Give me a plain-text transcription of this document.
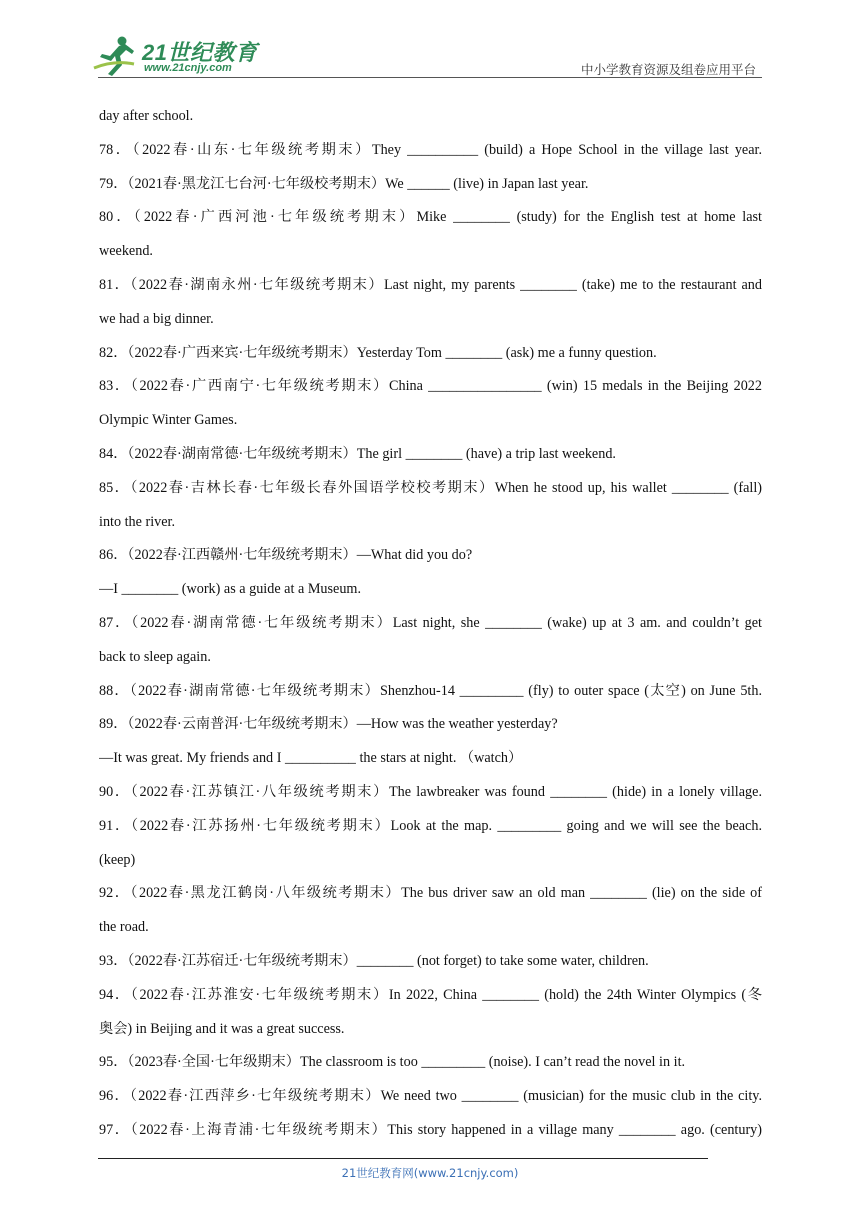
21世纪教育
www.21cnjy.com	中小学教育资源及组卷应用平台
day after school.
78．（2022春·山东·七年级统考期末）They __________ (build) a Hope School in the village last year.
79．（2021春·黑龙江七台河·七年级校考期末）We ______ (live) in Japan last year.
80．（2022春·广西河池·七年级统考期末）Mike ________ (study) for the English test at home last
weekend.
81．（2022春·湖南永州·七年级统考期末）Last night, my parents ________ (take) me to the restaurant and
we had a big dinner.
82．（2022春·广西来宾·七年级统考期末）Yesterday Tom ________ (ask) me a funny question.
83．（2022春·广西南宁·七年级统考期末）China ________________ (win) 15 medals in the Beijing 2022
Olympic Winter Games.
84．（2022春·湖南常德·七年级统考期末）The girl ________ (have) a trip last weekend.
85．（2022春·吉林长春·七年级长春外国语学校校考期末）When he stood up, his wallet ________ (fall)
into the river.
86．（2022春·江西赣州·七年级统考期末）—What did you do?
—I ________ (work) as a guide at a Museum.
87．（2022春·湖南常德·七年级统考期末）Last night, she ________ (wake) up at 3 am. and couldn’t get
back to sleep again.
88．（2022春·湖南常德·七年级统考期末）Shenzhou-14 _________ (fly) to outer space (太空) on June 5th.
89．（2022春·云南普洱·七年级统考期末）—How was the weather yesterday?
—It was great. My friends and I __________ the stars at night. （watch）
90．（2022春·江苏镇江·八年级统考期末）The lawbreaker was found ________ (hide) in a lonely village.
91．（2022春·江苏扬州·七年级统考期末）Look at the map. _________ going and we will see the beach.
(keep)
92．（2022春·黑龙江鹤岗·八年级统考期末）The bus driver saw an old man ________ (lie) on the side of
the road.
93．（2022春·江苏宿迁·七年级统考期末）________ (not forget) to take some water, children.
94．（2022春·江苏淮安·七年级统考期末）In 2022, China ________ (hold) the 24th Winter Olympics (冬
奥会) in Beijing and it was a great success.
95．（2023春·全国·七年级期末）The classroom is too _________ (noise). I can’t read the novel in it.
96．（2022春·江西萍乡·七年级统考期末）We need two ________ (musician) for the music club in the city.
97．（2022春·上海青浦·七年级统考期末）This story happened in a village many ________ ago. (century)
21世纪教育网(www.21cnjy.com)
